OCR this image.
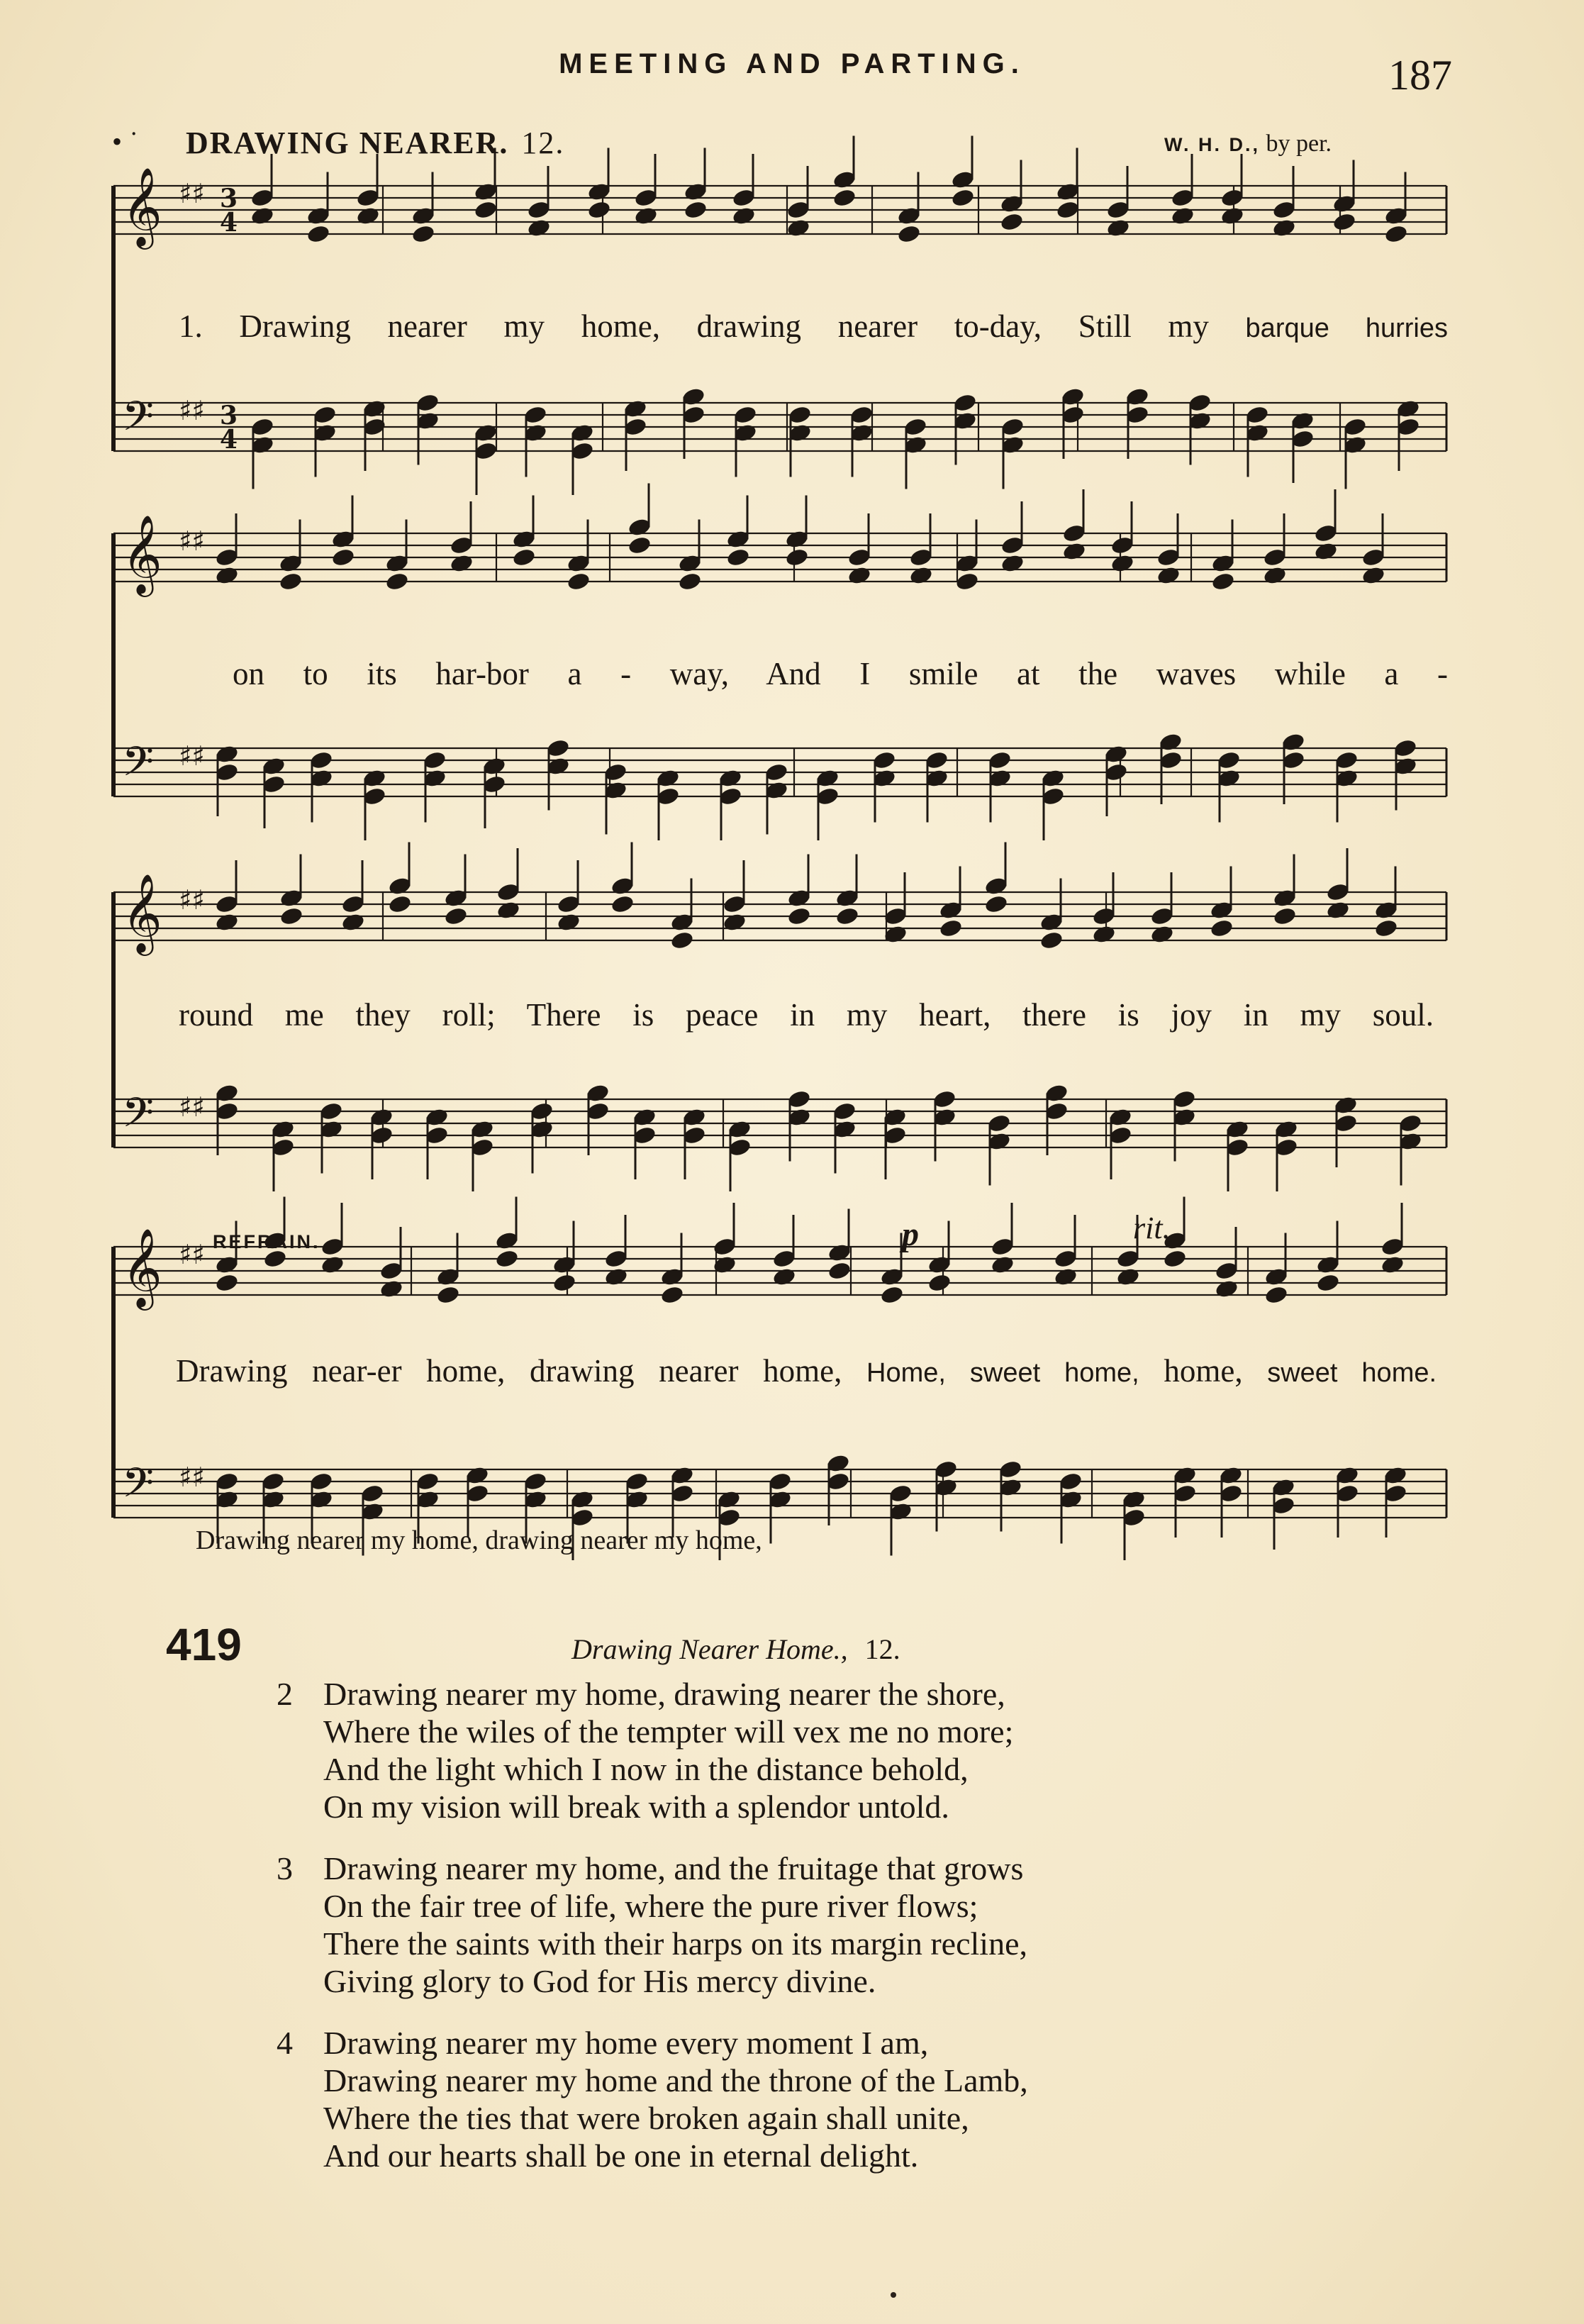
MEETING AND PARTING.	187
• ˙ DRAWING NEARER. 12.	W. H. D., by per.
𝄞 ♯♯ 3
4
𝄢 ♯♯ 3
4
𝄞 ♯♯
𝄢 ♯♯
𝄞 ♯♯
𝄢 ♯♯
𝄞 ♯♯
𝄢 ♯♯
1. Drawing nearer my home, drawing nearer to-day, Still my barque hurries
on to its har-bor a - way, And I smile at the waves while a -
round me they roll; There is peace in my heart, there is joy in my soul.
Drawing near-er home, drawing nearer home, Home, sweet home, home, sweet home.
REFRAIN.	p	rit.
Drawing nearer my home, drawing nearer my home,
419	Drawing Nearer Home., 12.
2 Drawing nearer my home, drawing nearer the shore,
Where the wiles of the tempter will vex me no more;
And the light which I now in the distance behold,
On my vision will break with a splendor untold.
3 Drawing nearer my home, and the fruitage that grows
On the fair tree of life, where the pure river flows;
There the saints with their harps on its margin recline,
Giving glory to God for His mercy divine.
4 Drawing nearer my home every moment I am,
Drawing nearer my home and the throne of the Lamb,
Where the ties that were broken again shall unite,
And our hearts shall be one in eternal delight.
